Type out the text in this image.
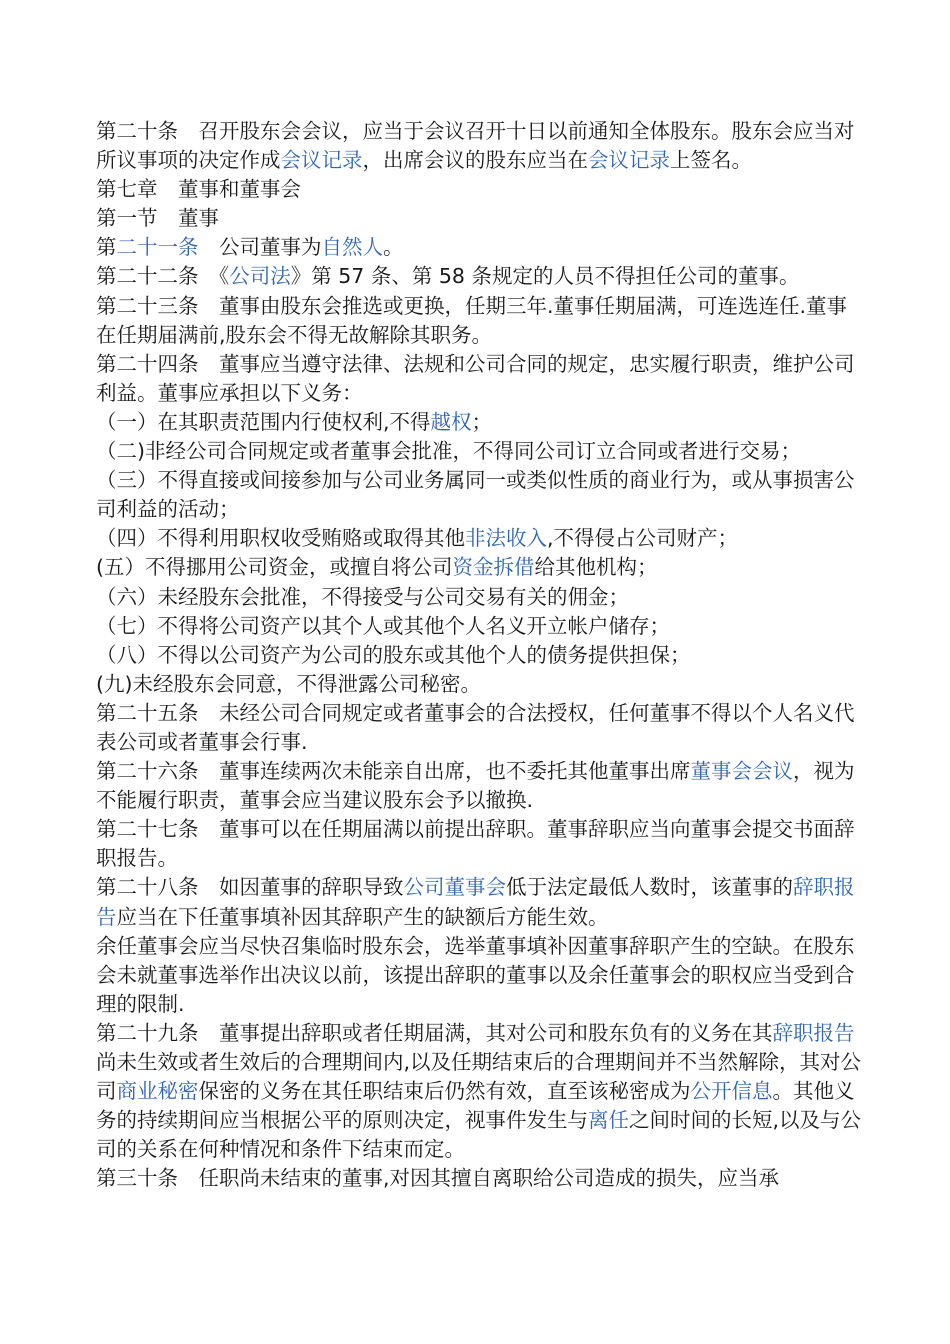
第二十条　召开股东会会议，应当于会议召开十日以前通知全体股东。股东会应当对所议事项的决定作成会议记录，出席会议的股东应当在会议记录上签名。

第七章　董事和董事会

第一节　董事

第二十一条　公司董事为自然人。

第二十二条　《公司法》第 57 条、第 58 条规定的人员不得担任公司的董事。

第二十三条　董事由股东会推选或更换，任期三年.董事任期届满，可连选连任.董事在任期届满前,股东会不得无故解除其职务。

第二十四条　董事应当遵守法律、法规和公司合同的规定，忠实履行职责，维护公司利益。董事应承担以下义务：

（一）在其职责范围内行使权利,不得越权；

（二)非经公司合同规定或者董事会批准，不得同公司订立合同或者进行交易；

（三）不得直接或间接参加与公司业务属同一或类似性质的商业行为，或从事损害公司利益的活动；

（四）不得利用职权收受贿赂或取得其他非法收入,不得侵占公司财产；

(五）不得挪用公司资金，或擅自将公司资金拆借给其他机构；

（六）未经股东会批准，不得接受与公司交易有关的佣金；

（七）不得将公司资产以其个人或其他个人名义开立帐户储存；

（八）不得以公司资产为公司的股东或其他个人的债务提供担保；

(九)未经股东会同意，不得泄露公司秘密。

第二十五条　未经公司合同规定或者董事会的合法授权，任何董事不得以个人名义代表公司或者董事会行事.

第二十六条　董事连续两次未能亲自出席，也不委托其他董事出席董事会会议，视为不能履行职责，董事会应当建议股东会予以撤换.

第二十七条　董事可以在任期届满以前提出辞职。董事辞职应当向董事会提交书面辞职报告。

第二十八条　如因董事的辞职导致公司董事会低于法定最低人数时，该董事的辞职报告应当在下任董事填补因其辞职产生的缺额后方能生效。

余任董事会应当尽快召集临时股东会，选举董事填补因董事辞职产生的空缺。在股东会未就董事选举作出决议以前，该提出辞职的董事以及余任董事会的职权应当受到合理的限制.

第二十九条　董事提出辞职或者任期届满，其对公司和股东负有的义务在其辞职报告尚未生效或者生效后的合理期间内,以及任期结束后的合理期间并不当然解除，其对公司商业秘密保密的义务在其任职结束后仍然有效，直至该秘密成为公开信息。其他义务的持续期间应当根据公平的原则决定，视事件发生与离任之间时间的长短,以及与公司的关系在何种情况和条件下结束而定。

第三十条　任职尚未结束的董事,对因其擅自离职给公司造成的损失，应当承
